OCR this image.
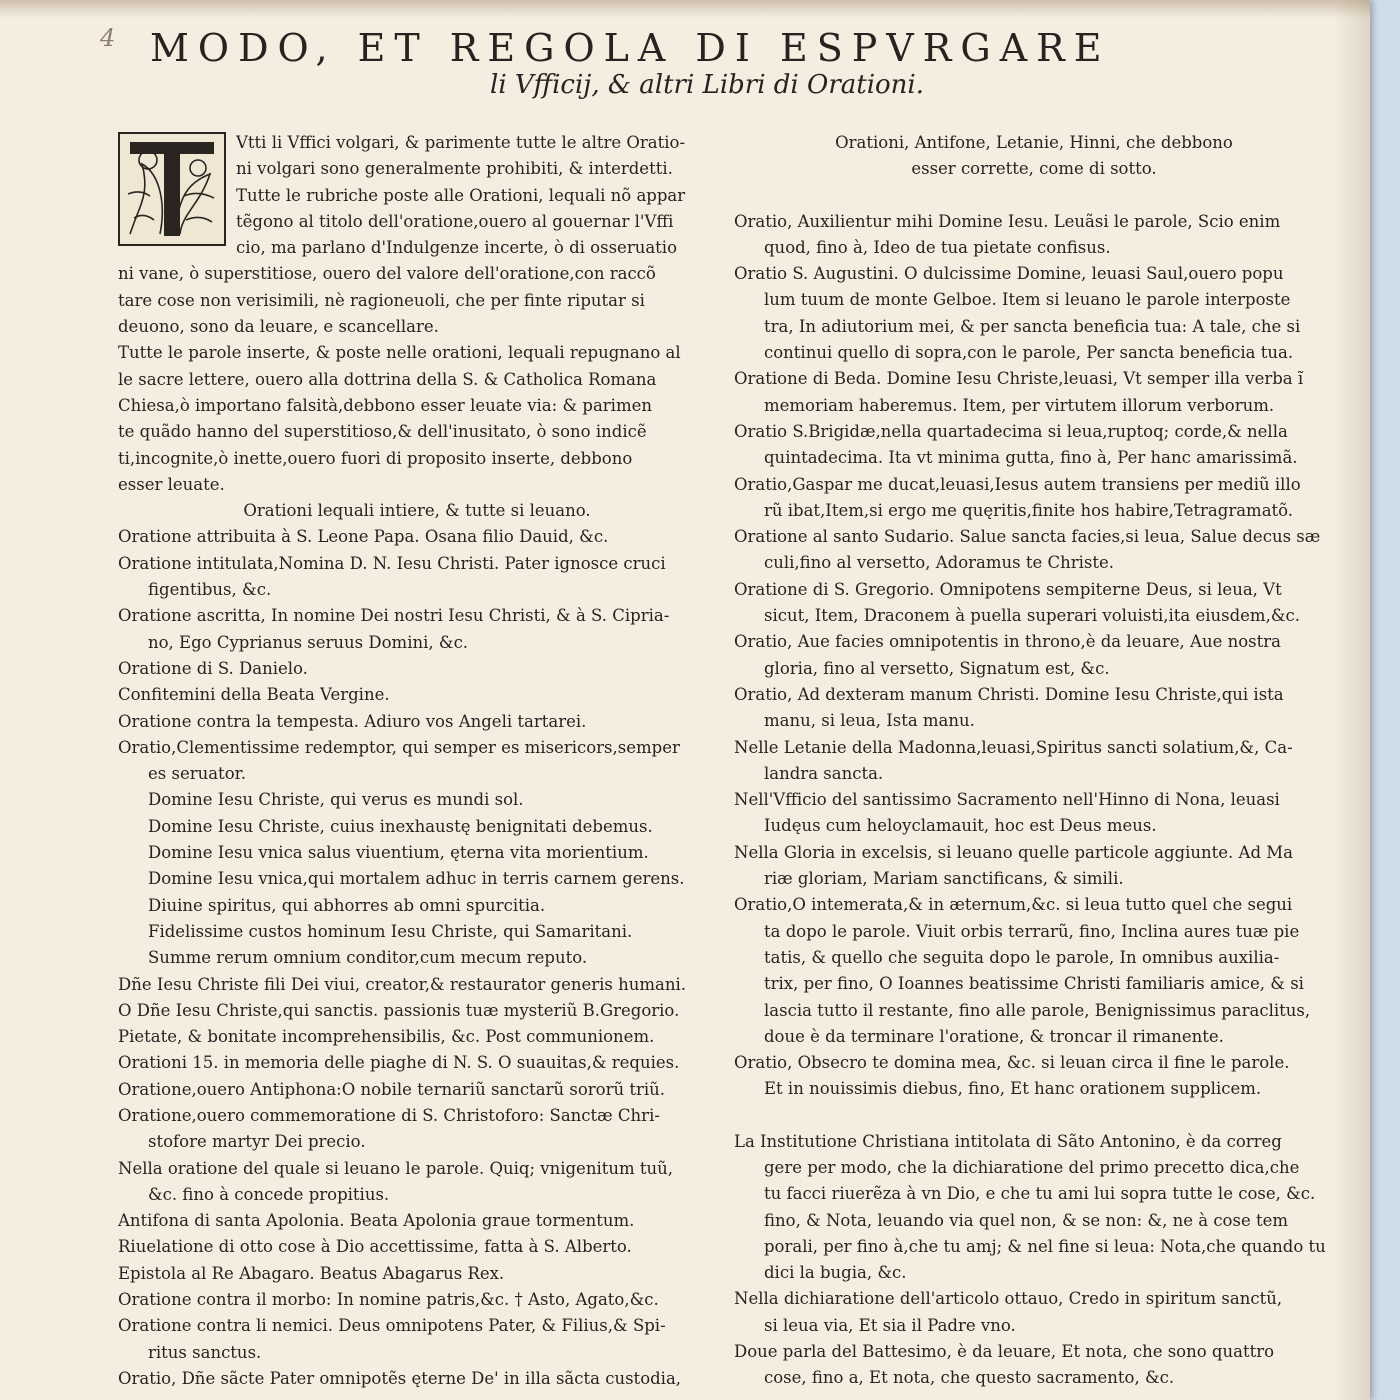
4 MODO, ET REGOLA DI ESPVRGARE
li Vfficij, & altri Libri di Orationi.

Vtti li Vffici volgari, & parimente tutte le altre Oratio-
ni volgari sono generalmente prohibiti, & interdetti.
Tutte le rubriche poste alle Orationi, lequali nõ appar
tẽgono al titolo dell'oratione,ouero al gouernar l'Vffi
cio, ma parlano d'Indulgenze incerte, ò di osseruatio
ni vane, ò superstitiose, ouero del valore dell'oratione,con raccõ
tare cose non verisimili, nè ragioneuoli, che per finte riputar si
deuono, sono da leuare, e scancellare.
Tutte le parole inserte, & poste nelle orationi, lequali repugnano al
le sacre lettere, ouero alla dottrina della S. & Catholica Romana
Chiesa,ò importano falsità,debbono esser leuate via: & parimen
te quãdo hanno del superstitioso,& dell'inusitato, ò sono indicẽ
ti,incognite,ò inette,ouero fuori di proposito inserte, debbono
esser leuate.
Orationi lequali intiere, & tutte si leuano.
Oratione attribuita à S. Leone Papa. Osana filio Dauid, &c.
Oratione intitulata,Nomina D. N. Iesu Christi. Pater ignosce cruci
figentibus, &c.
Oratione ascritta, In nomine Dei nostri Iesu Christi, & à S. Cipria-
no, Ego Cyprianus seruus Domini, &c.
Oratione di S. Danielo.
Confitemini della Beata Vergine.
Oratione contra la tempesta. Adiuro vos Angeli tartarei.
Oratio,Clementissime redemptor, qui semper es misericors,semper
es seruator.
Domine Iesu Christe, qui verus es mundi sol.
Domine Iesu Christe, cuius inexhaustę benignitati debemus.
Domine Iesu vnica salus viuentium, ęterna vita morientium.
Domine Iesu vnica,qui mortalem adhuc in terris carnem gerens.
Diuine spiritus, qui abhorres ab omni spurcitia.
Fidelissime custos hominum Iesu Christe, qui Samaritani.
Summe rerum omnium conditor,cum mecum reputo.
Dñe Iesu Christe fili Dei viui, creator,& restaurator generis humani.
O Dñe Iesu Christe,qui sanctis. passionis tuæ mysteriũ B.Gregorio.
Pietate, & bonitate incomprehensibilis, &c. Post communionem.
Orationi 15. in memoria delle piaghe di N. S. O suauitas,& requies.
Oratione,ouero Antiphona:O nobile ternariũ sanctarũ sororũ triũ.
Oratione,ouero commemoratione di S. Christoforo: Sanctæ Chri-
stofore martyr Dei precio.
Nella oratione del quale si leuano le parole. Quiq; vnigenitum tuũ,
&c. fino à concede propitius.
Antifona di santa Apolonia. Beata Apolonia graue tormentum.
Riuelatione di otto cose à Dio accettissime, fatta à S. Alberto.
Epistola al Re Abagaro. Beatus Abagarus Rex.
Oratione contra il morbo: In nomine patris,&c. † Asto, Agato,&c.
Oratione contra li nemici. Deus omnipotens Pater, & Filius,& Spi-
ritus sanctus.
Oratio, Dñe sãcte Pater omnipotẽs ęterne De' in illa sãcta custodia,

Orationi, Antifone, Letanie, Hinni, che debbono
esser corrette, come di sotto.
Oratio, Auxilientur mihi Domine Iesu. Leuãsi le parole, Scio enim
quod, fino à, Ideo de tua pietate confisus.
Oratio S. Augustini. O dulcissime Domine, leuasi Saul,ouero popu
lum tuum de monte Gelboe. Item si leuano le parole interposte
tra, In adiutorium mei, & per sancta beneficia tua: A tale, che si
continui quello di sopra,con le parole, Per sancta beneficia tua.
Oratione di Beda. Domine Iesu Christe,leuasi, Vt semper illa verba ĩ
memoriam haberemus. Item, per virtutem illorum verborum.
Oratio S.Brigidæ,nella quartadecima si leua,ruptoq; corde,& nella
quintadecima. Ita vt minima gutta, fino à, Per hanc amarissimã.
Oratio,Gaspar me ducat,leuasi,Iesus autem transiens per mediũ illo
rũ ibat,Item,si ergo me quęritis,finite hos habire,Tetragramatõ.
Oratione al santo Sudario. Salue sancta facies,si leua, Salue decus sæ
culi,fino al versetto, Adoramus te Christe.
Oratione di S. Gregorio. Omnipotens sempiterne Deus, si leua, Vt
sicut, Item, Draconem à puella superari voluisti,ita eiusdem,&c.
Oratio, Aue facies omnipotentis in throno,è da leuare, Aue nostra
gloria, fino al versetto, Signatum est, &c.
Oratio, Ad dexteram manum Christi. Domine Iesu Christe,qui ista
manu, si leua, Ista manu.
Nelle Letanie della Madonna,leuasi,Spiritus sancti solatium,&, Ca-
landra sancta.
Nell'Vfficio del santissimo Sacramento nell'Hinno di Nona, leuasi
Iudęus cum heloyclamauit, hoc est Deus meus.
Nella Gloria in excelsis, si leuano quelle particole aggiunte. Ad Ma
riæ gloriam, Mariam sanctificans, & simili.
Oratio,O intemerata,& in æternum,&c. si leua tutto quel che segui
ta dopo le parole. Viuit orbis terrarũ, fino, Inclina aures tuæ pie
tatis, & quello che seguita dopo le parole, In omnibus auxilia-
trix, per fino, O Ioannes beatissime Christi familiaris amice, & si
lascia tutto il restante, fino alle parole, Benignissimus paraclitus,
doue è da terminare l'oratione, & troncar il rimanente.
Oratio, Obsecro te domina mea, &c. si leuan circa il fine le parole.
Et in nouissimis diebus, fino, Et hanc orationem supplicem.
La Institutione Christiana intitolata di Sãto Antonino, è da correg
gere per modo, che la dichiaratione del primo precetto dica,che
tu facci riuerẽza à vn Dio, e che tu ami lui sopra tutte le cose, &c.
fino, & Nota, leuando via quel non, & se non: &, ne à cose tem
porali, per fino à,che tu amj; & nel fine si leua: Nota,che quando tu
dici la bugia, &c.
Nella dichiaratione dell'articolo ottauo, Credo in spiritum sanctũ,
si leua via, Et sia il Padre vno.
Doue parla del Battesimo, è da leuare, Et nota, che sono quattro
cose, fino a, Et nota, che questo sacramento, &c.
